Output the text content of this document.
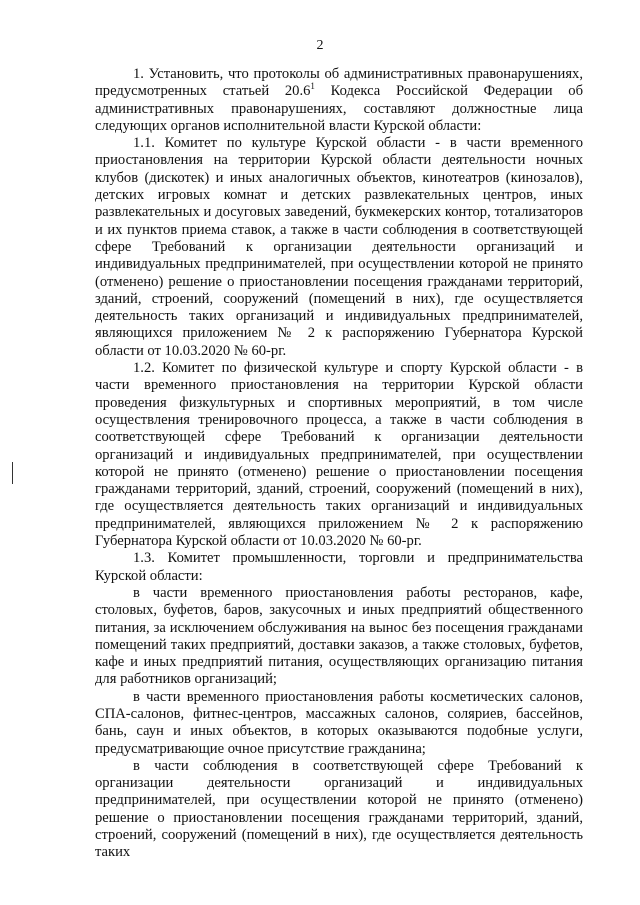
2

1. Установить, что протоколы об административных правонарушениях, предусмотренных статьей 20.6$^1$ Кодекса Российской Федерации об административных правонарушениях, составляют должностные лица следующих органов исполнительной власти Курской области:

1.1. Комитет по культуре Курской области - в части временного приостановления на территории Курской области деятельности ночных клубов (дискотек) и иных аналогичных объектов, кинотеатров (кинозалов), детских игровых комнат и детских развлекательных центров, иных развлекательных и досуговых заведений, букмекерских контор, тотализаторов и их пунктов приема ставок, а также в части соблюдения в соответствующей сфере Требований к организации деятельности организаций и индивидуальных предпринимателей, при осуществлении которой не принято (отменено) решение о приостановлении посещения гражданами территорий, зданий, строений, сооружений (помещений в них), где осуществляется деятельность таких организаций и индивидуальных предпринимателей, являющихся приложением № 2 к распоряжению Губернатора Курской области от 10.03.2020 № 60-рг.

1.2. Комитет по физической культуре и спорту Курской области - в части временного приостановления на территории Курской области проведения физкультурных и спортивных мероприятий, в том числе осуществления тренировочного процесса, а также в части соблюдения в соответствующей сфере Требований к организации деятельности организаций и индивидуальных предпринимателей, при осуществлении которой не принято (отменено) решение о приостановлении посещения гражданами территорий, зданий, строений, сооружений (помещений в них), где осуществляется деятельность таких организаций и индивидуальных предпринимателей, являющихся приложением № 2 к распоряжению Губернатора Курской области от 10.03.2020 № 60-рг.

1.3. Комитет промышленности, торговли и предпринимательства Курской области:

в части временного приостановления работы ресторанов, кафе, столовых, буфетов, баров, закусочных и иных предприятий общественного питания, за исключением обслуживания на вынос без посещения гражданами помещений таких предприятий, доставки заказов, а также столовых, буфетов, кафе и иных предприятий питания, осуществляющих организацию питания для работников организаций;

в части временного приостановления работы косметических салонов, СПА-салонов, фитнес-центров, массажных салонов, соляриев, бассейнов, бань, саун и иных объектов, в которых оказываются подобные услуги, предусматривающие очное присутствие гражданина;

в части соблюдения в соответствующей сфере Требований к организации деятельности организаций и индивидуальных предпринимателей, при осуществлении которой не принято (отменено) решение о приостановлении посещения гражданами территорий, зданий, строений, сооружений (помещений в них), где осуществляется деятельность таких
